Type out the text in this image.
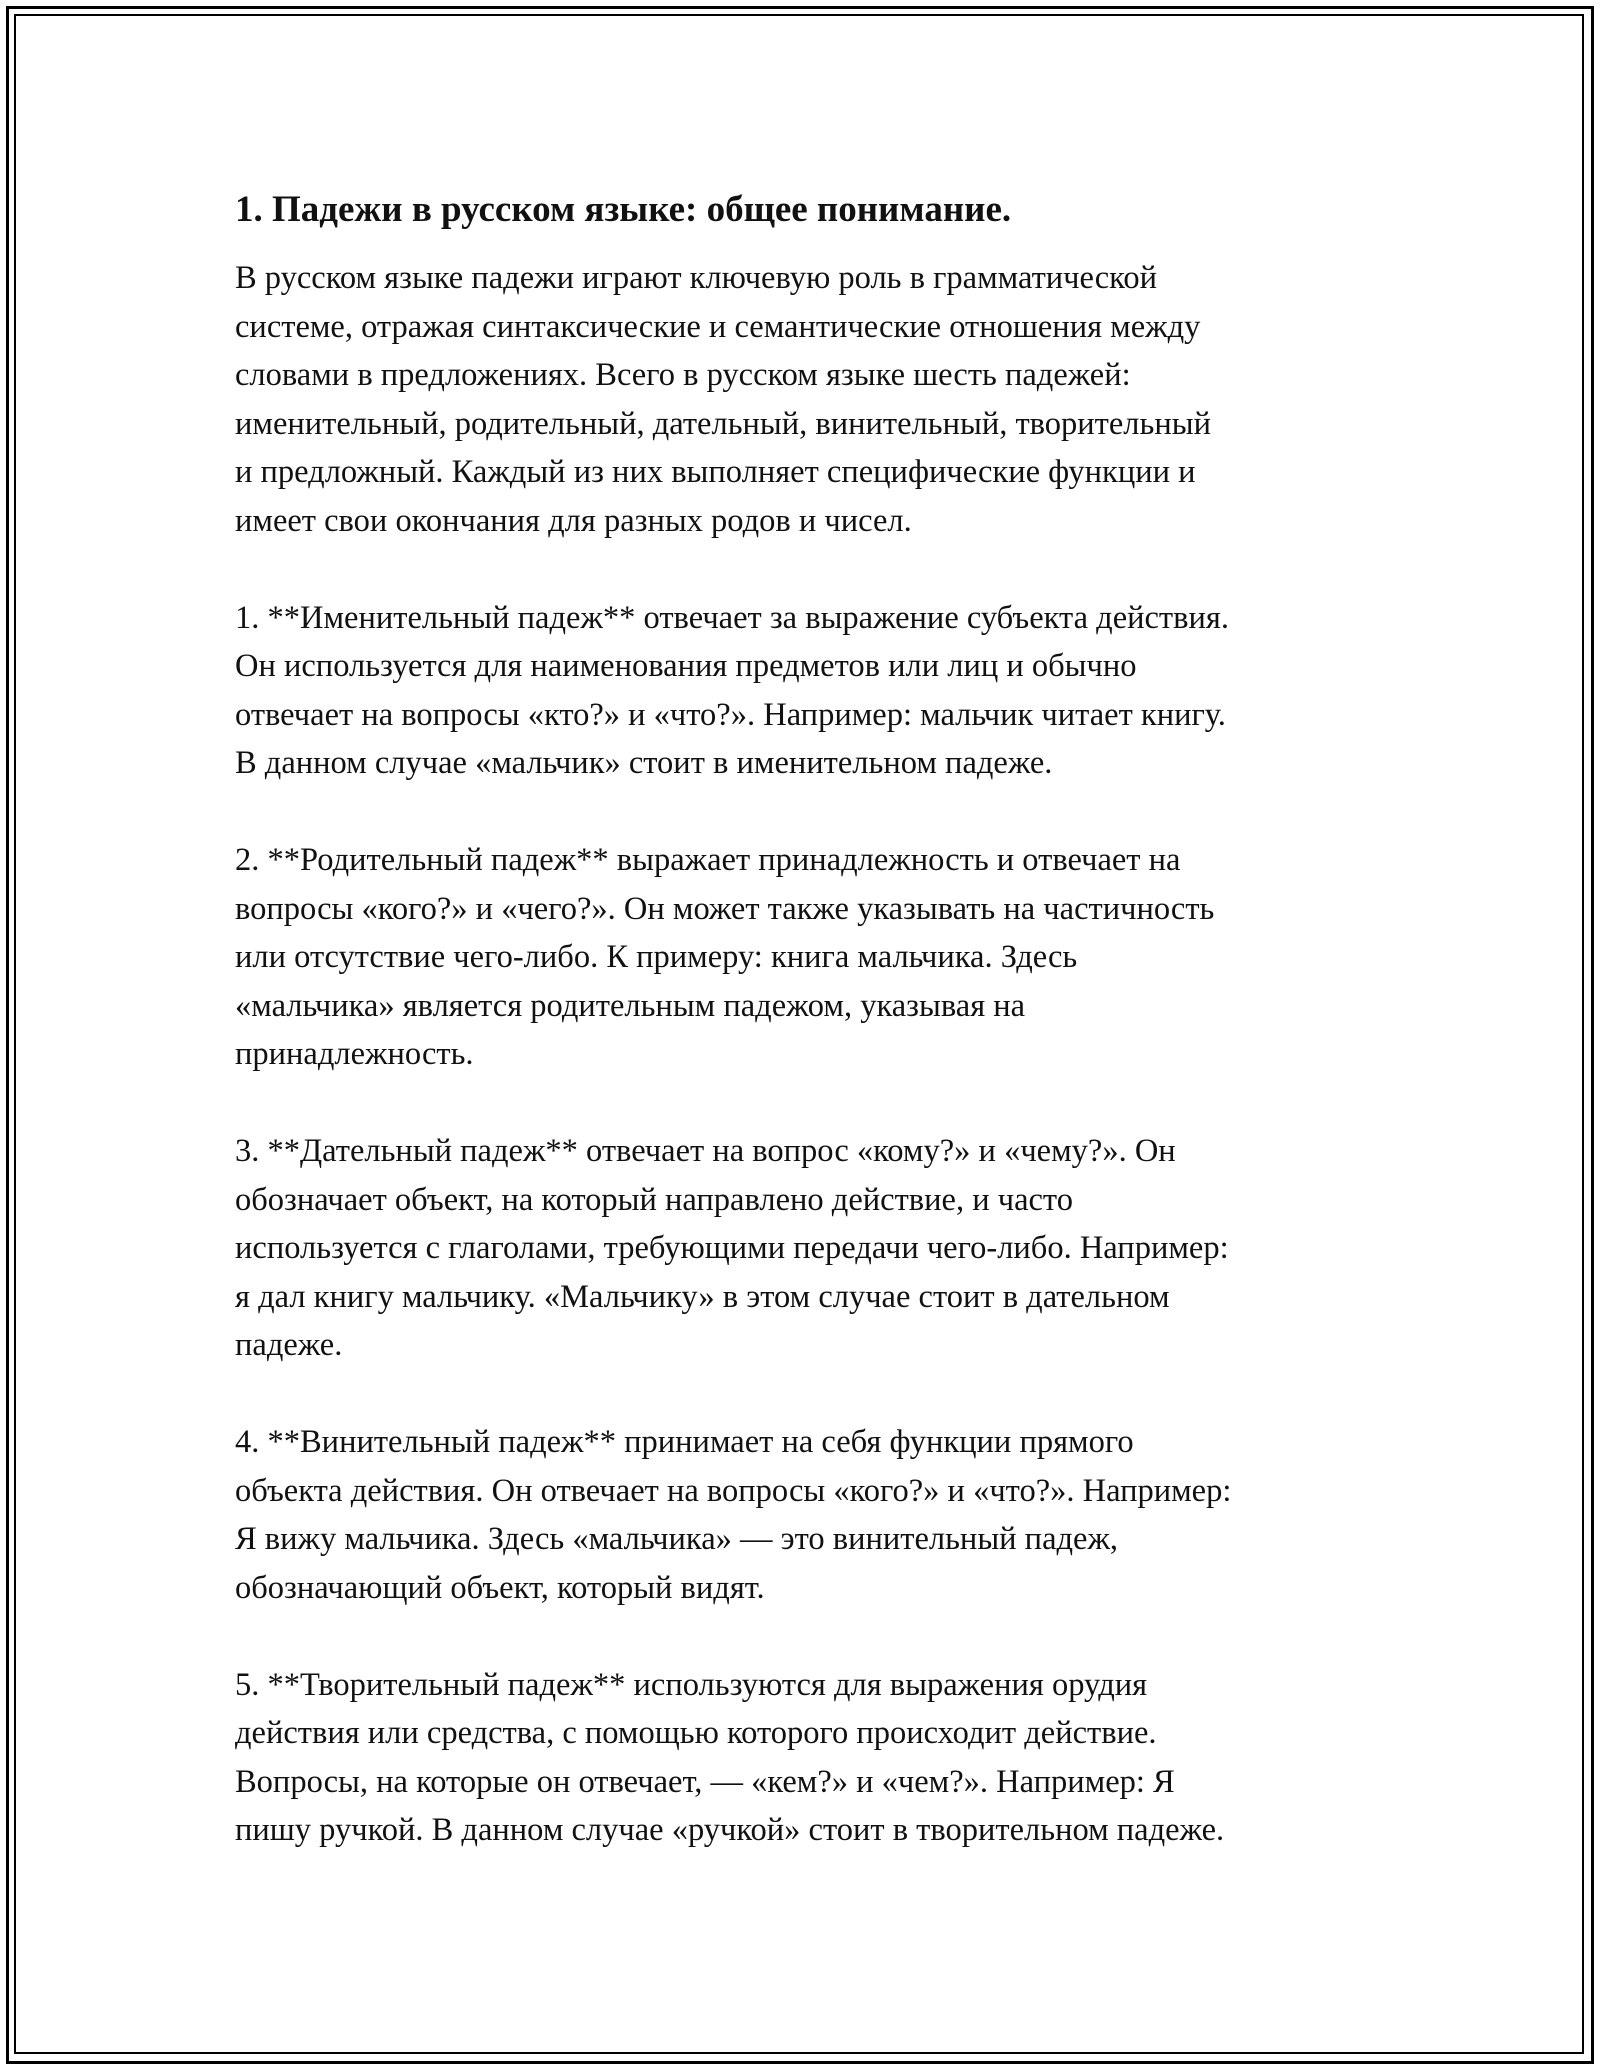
1. Падежи в русском языке: общее понимание.
В русском языке падежи играют ключевую роль в грамматической
системе, отражая синтаксические и семантические отношения между
словами в предложениях. Всего в русском языке шесть падежей:
именительный, родительный, дательный, винительный, творительный
и предложный. Каждый из них выполняет специфические функции и
имеет свои окончания для разных родов и чисел.
1. **Именительный падеж** отвечает за выражение субъекта действия.
Он используется для наименования предметов или лиц и обычно
отвечает на вопросы «кто?» и «что?». Например: мальчик читает книгу.
В данном случае «мальчик» стоит в именительном падеже.
2. **Родительный падеж** выражает принадлежность и отвечает на
вопросы «кого?» и «чего?». Он может также указывать на частичность
или отсутствие чего-либо. К примеру: книга мальчика. Здесь
«мальчика» является родительным падежом, указывая на
принадлежность.
3. **Дательный падеж** отвечает на вопрос «кому?» и «чему?». Он
обозначает объект, на который направлено действие, и часто
используется с глаголами, требующими передачи чего-либо. Например:
я дал книгу мальчику. «Мальчику» в этом случае стоит в дательном
падеже.
4. **Винительный падеж** принимает на себя функции прямого
объекта действия. Он отвечает на вопросы «кого?» и «что?». Например:
Я вижу мальчика. Здесь «мальчика» — это винительный падеж,
обозначающий объект, который видят.
5. **Творительный падеж** используются для выражения орудия
действия или средства, с помощью которого происходит действие.
Вопросы, на которые он отвечает, — «кем?» и «чем?». Например: Я
пишу ручкой. В данном случае «ручкой» стоит в творительном падеже.
